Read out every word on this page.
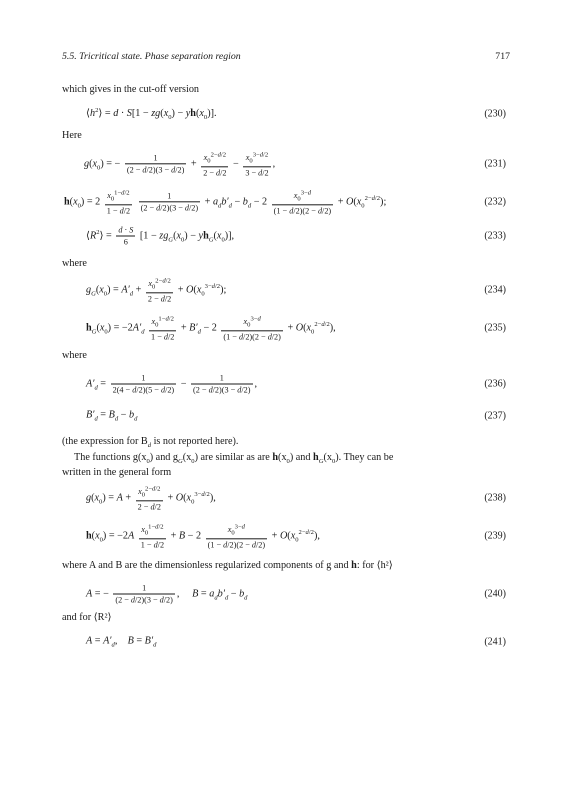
5.5. Tricritical state. Phase separation region	717
which gives in the cut-off version
$⟨h^2⟩ = d \cdot S[1 - zg(x_0) - yh(x_0)]$.	(230)
Here
$g(x_0)$ = − $\frac{1}{(2 - d/2)(3 - d/2)} + \frac{x_0^{2-d/2}}{2 - d/2} - \frac{x_0^{3-d/2}}{3 - d/2}$ ,	(231)
$h(x_0) = 2 \frac{x_0^{1-d/2}}{1 - d/2}$
$\frac{1}{(2 - d/2)(3 - d/2)} + a_db'_d - b_d - 2 \frac{x_0^{3-d}}{(1 - d/2)(2 - d/2)} + O(x_0^{2-d/2})$;	(232)
$⟨R^2⟩ = \frac{d \cdot S}{6} [1 - zg_G(x_0) - yh_G(x_0)]$,	(233)
where
$g_G(x_0) = A'_d + \frac{x_0^{2-d/2}}{2 - d/2} + O(x_0^{3-d/2})$;	(234)
$h_G(x_0) = -2A'_d \frac{x_0^{1-d/2}}{1 - d/2} + B'_d - 2 \frac{x_0^{3-d}}{(1 - d/2)(2 - d/2)} + O(x_0^{2-d/2})$,	(235)
where
$A'_d = \frac{1}{2(4 - d/2)(5 - d/2)} - \frac{1}{(2 - d/2)(3 - d/2)}$ ,	(236)
$B'_d = B_d - b_d$	(237)
(the expression for $B_d$ is not reported here).
The functions $g(x_0)$ and $g_G(x_0)$ are similar as are $h(x_0)$ and $h_G(x_0)$. They can be
written in the general form
$g(x_0) = A + \frac{x_0^{2-d/2}}{2 - d/2} + O(x_0^{3-d/2})$,	(238)
$h(x_0) = -2A \frac{x_0^{1-d/2}}{1 - d/2} + B - 2 \frac{x_0^{3-d}}{(1 - d/2)(2 - d/2)} + O(x_0^{2-d/2})$,	(239)
where A and B are the dimensionless regularized components of g and h: for ⟨h²⟩
A = − $\frac{1}{(2 - d/2)(3 - d/2)}$ ,     $B = a_db'_d - b_d$	(240)
and for ⟨R²⟩
$A = A'_d$,    $B = B'_d$	(241)
